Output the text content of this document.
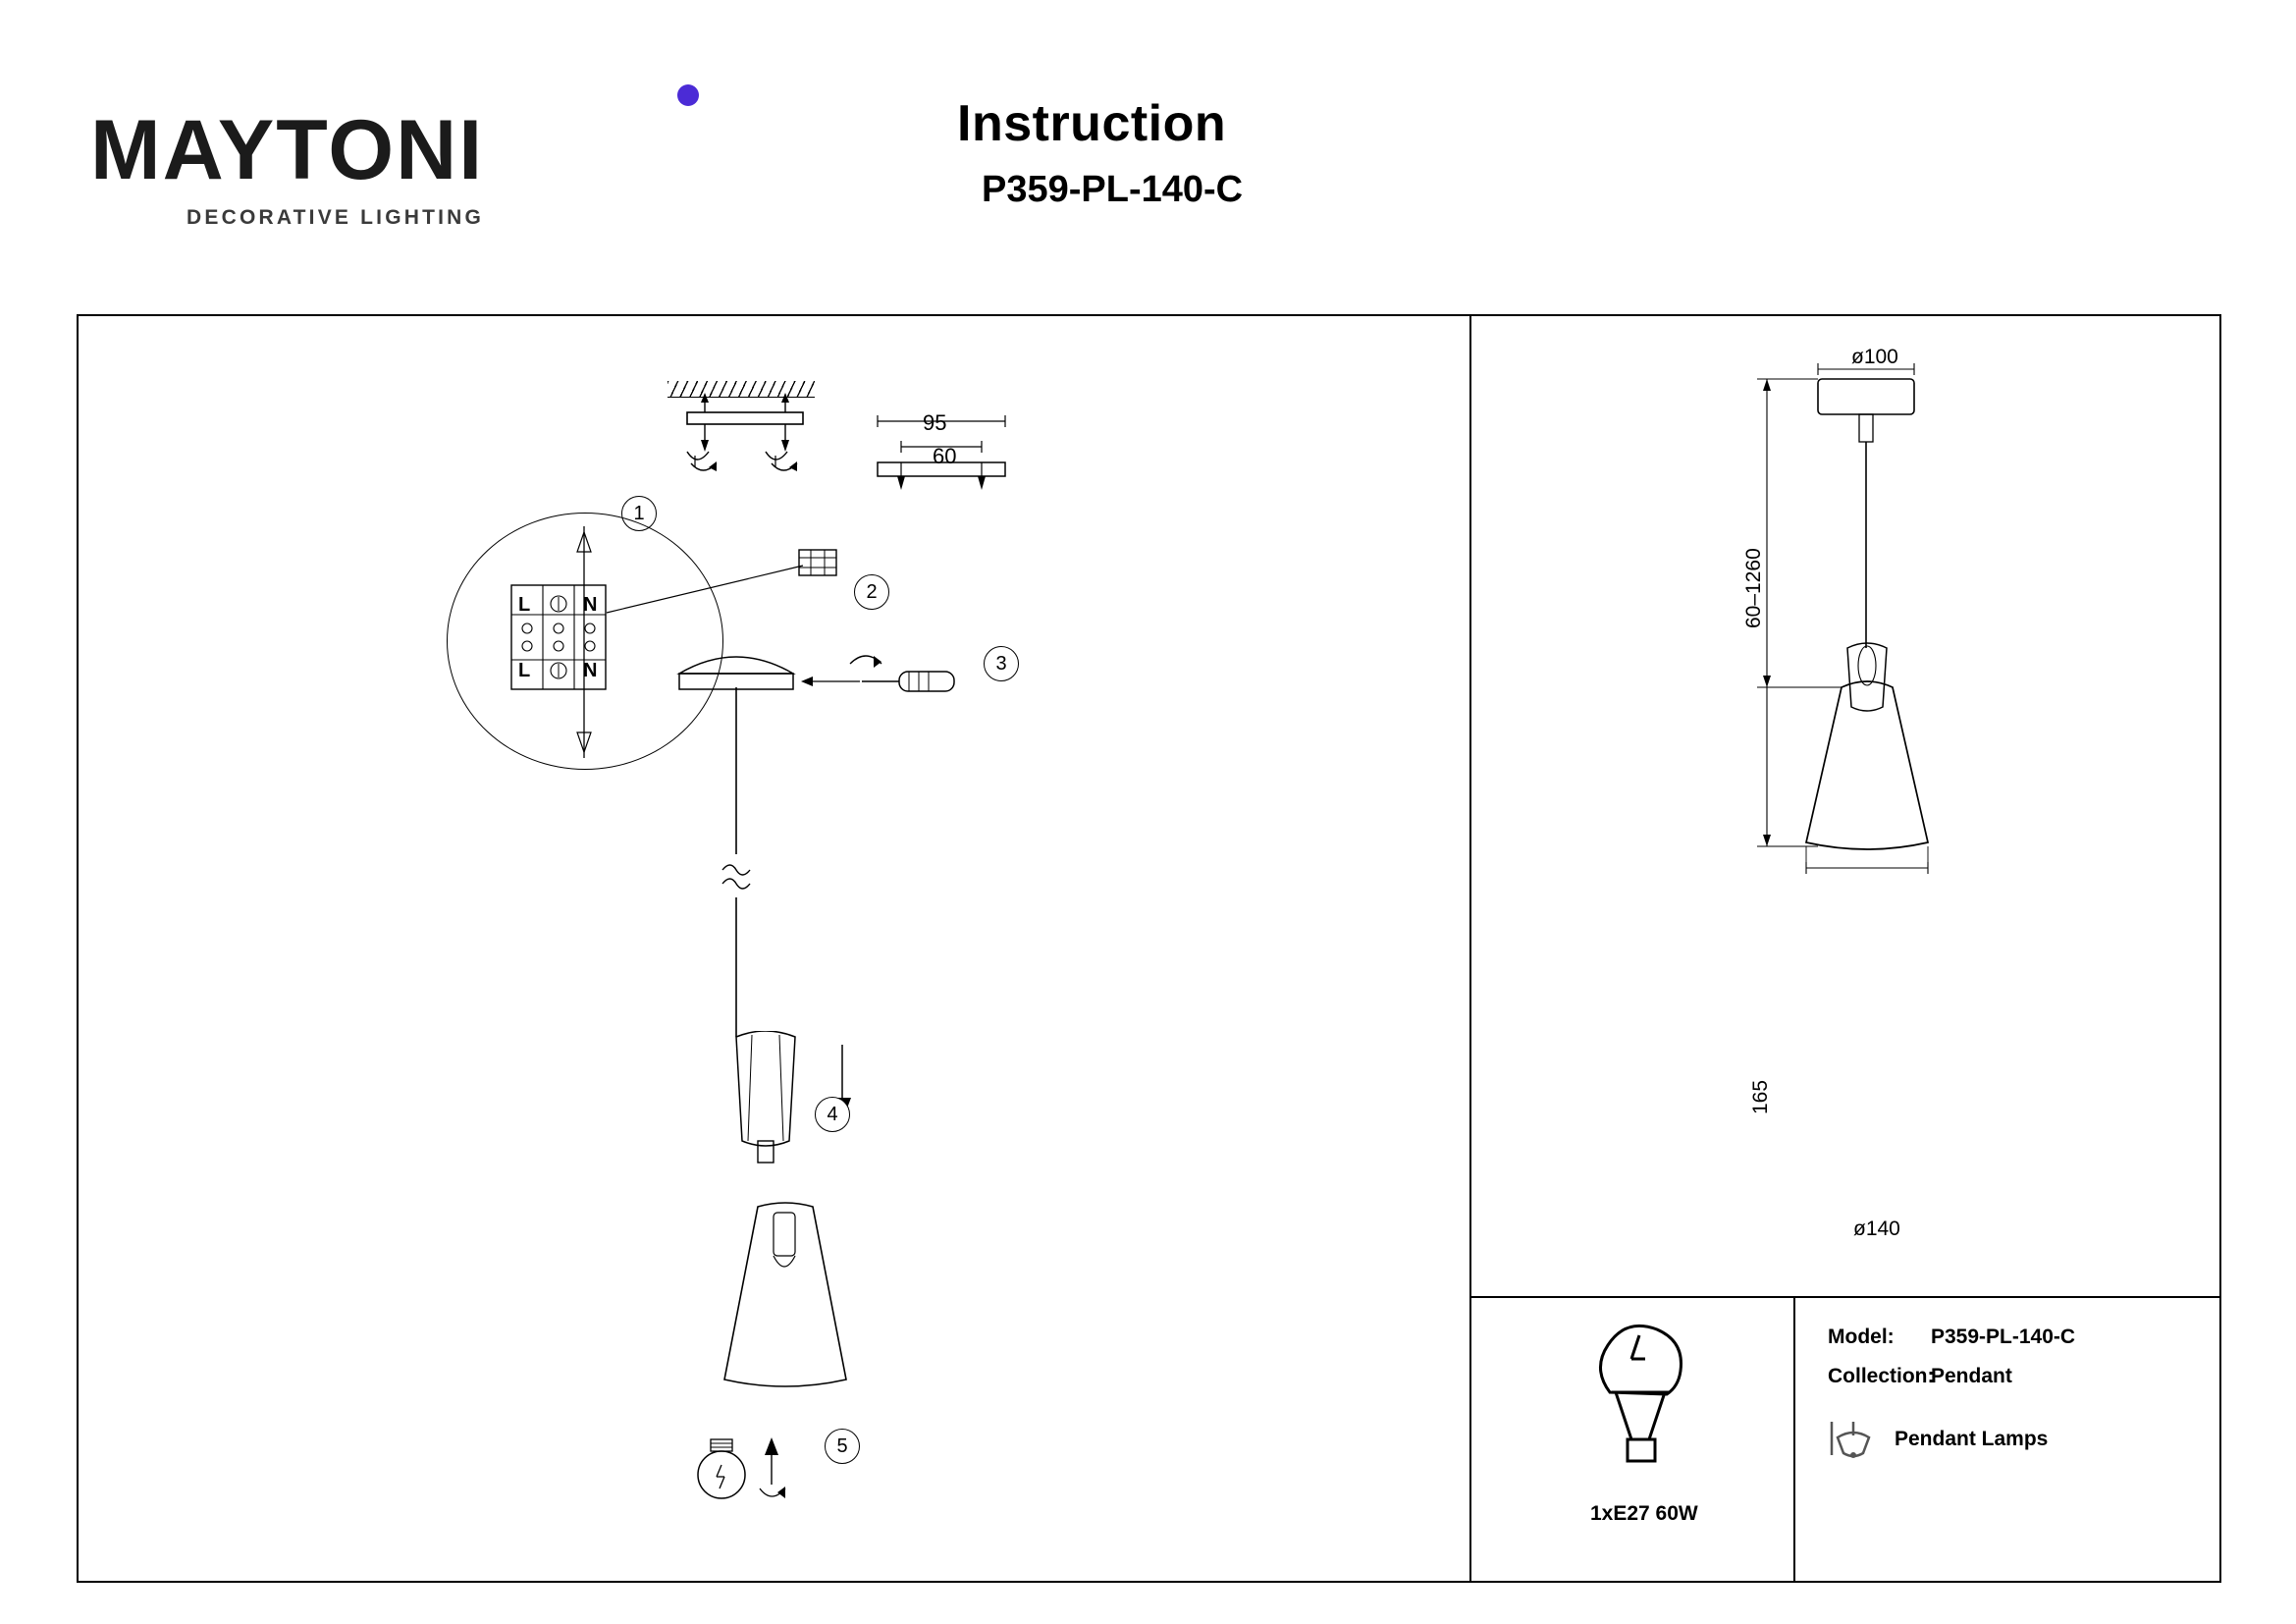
MAYTONI
DECORATIVE LIGHTING
Instruction
P359-PL-140-C
1
95
60
L	N
L	N
2
3
4
5
ø100
60–1260
165
ø140
1xE27 60W
Model:	P359-PL-140-C
Collection:
Pendant
Pendant Lamps
